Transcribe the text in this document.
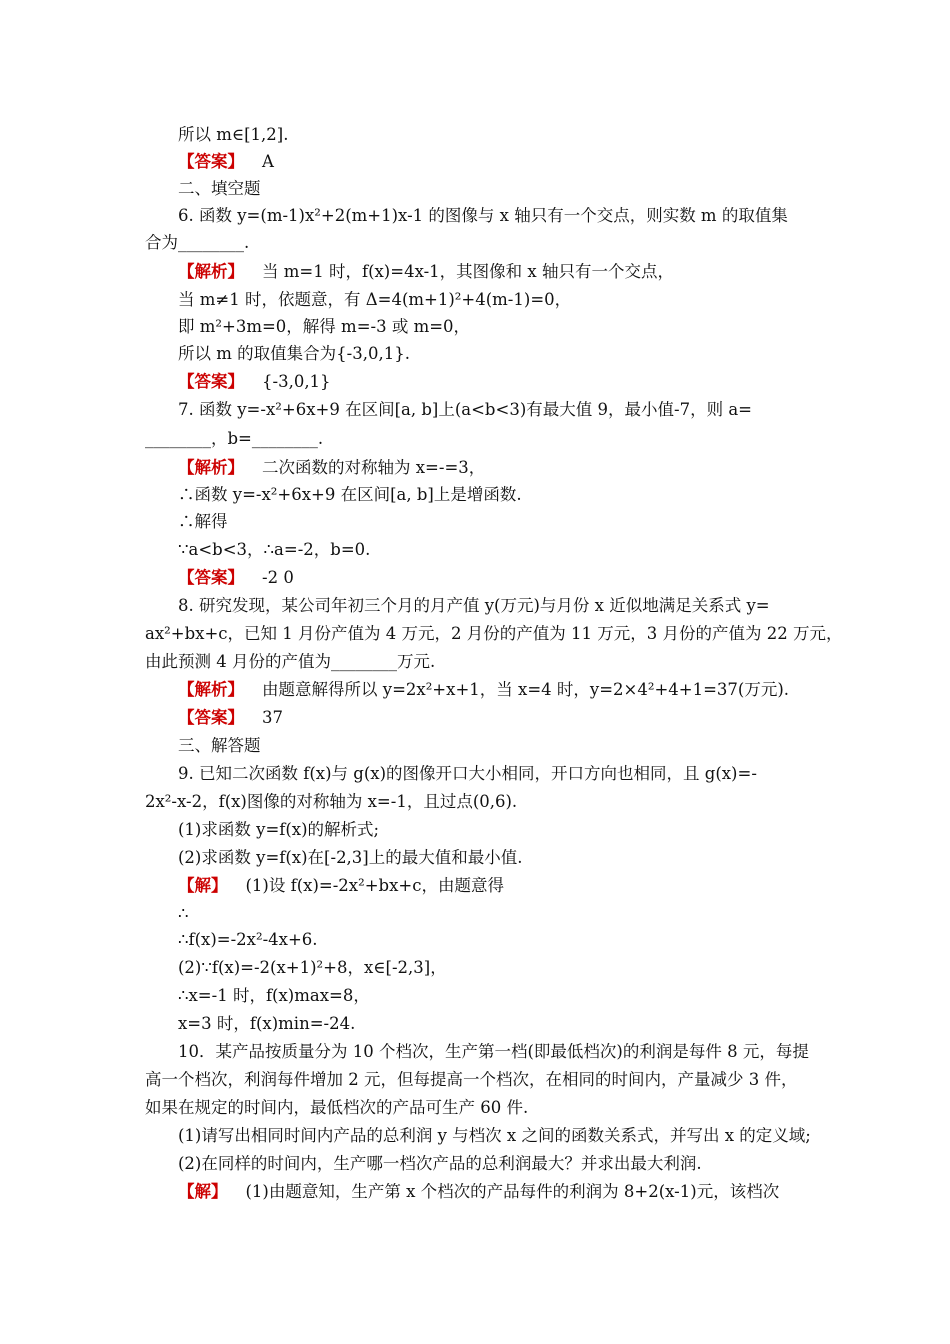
所以 m∈[1,2].
【答案】 A
二、填空题
6. 函数 y=(m-1)x²+2(m+1)x-1 的图像与 x 轴只有一个交点，则实数 m 的取值集
合为________.
【解析】 当 m=1 时，f(x)=4x-1，其图像和 x 轴只有一个交点，
当 m≠1 时，依题意，有 Δ=4(m+1)²+4(m-1)=0，
即 m²+3m=0，解得 m=-3 或 m=0，
所以 m 的取值集合为{-3,0,1}.
【答案】 {-3,0,1}
7. 函数 y=-x²+6x+9 在区间[a, b]上(a<b<3)有最大值 9，最小值-7，则 a=
________，b=________.
【解析】 二次函数的对称轴为 x=-=3，
∴函数 y=-x²+6x+9 在区间[a, b]上是增函数.
∴解得
∵a<b<3，∴a=-2，b=0.
【答案】 -2 0
8. 研究发现，某公司年初三个月的月产值 y(万元)与月份 x 近似地满足关系式 y=
ax²+bx+c，已知 1 月份产值为 4 万元，2 月份的产值为 11 万元，3 月份的产值为 22 万元，
由此预测 4 月份的产值为________万元.
【解析】 由题意解得所以 y=2x²+x+1，当 x=4 时，y=2×4²+4+1=37(万元).
【答案】 37
三、解答题
9. 已知二次函数 f(x)与 g(x)的图像开口大小相同，开口方向也相同，且 g(x)=-
2x²-x-2，f(x)图像的对称轴为 x=-1，且过点(0,6).
(1)求函数 y=f(x)的解析式;
(2)求函数 y=f(x)在[-2,3]上的最大值和最小值.
【解】 (1)设 f(x)=-2x²+bx+c，由题意得
∴
∴f(x)=-2x²-4x+6.
(2)∵f(x)=-2(x+1)²+8，x∈[-2,3]，
∴x=-1 时，f(x)max=8，
x=3 时，f(x)min=-24.
10．某产品按质量分为 10 个档次，生产第一档(即最低档次)的利润是每件 8 元，每提
高一个档次，利润每件增加 2 元，但每提高一个档次，在相同的时间内，产量减少 3 件，
如果在规定的时间内，最低档次的产品可生产 60 件.
(1)请写出相同时间内产品的总利润 y 与档次 x 之间的函数关系式，并写出 x 的定义域;
(2)在同样的时间内，生产哪一档次产品的总利润最大？并求出最大利润.
【解】 (1)由题意知，生产第 x 个档次的产品每件的利润为 8+2(x-1)元，该档次
